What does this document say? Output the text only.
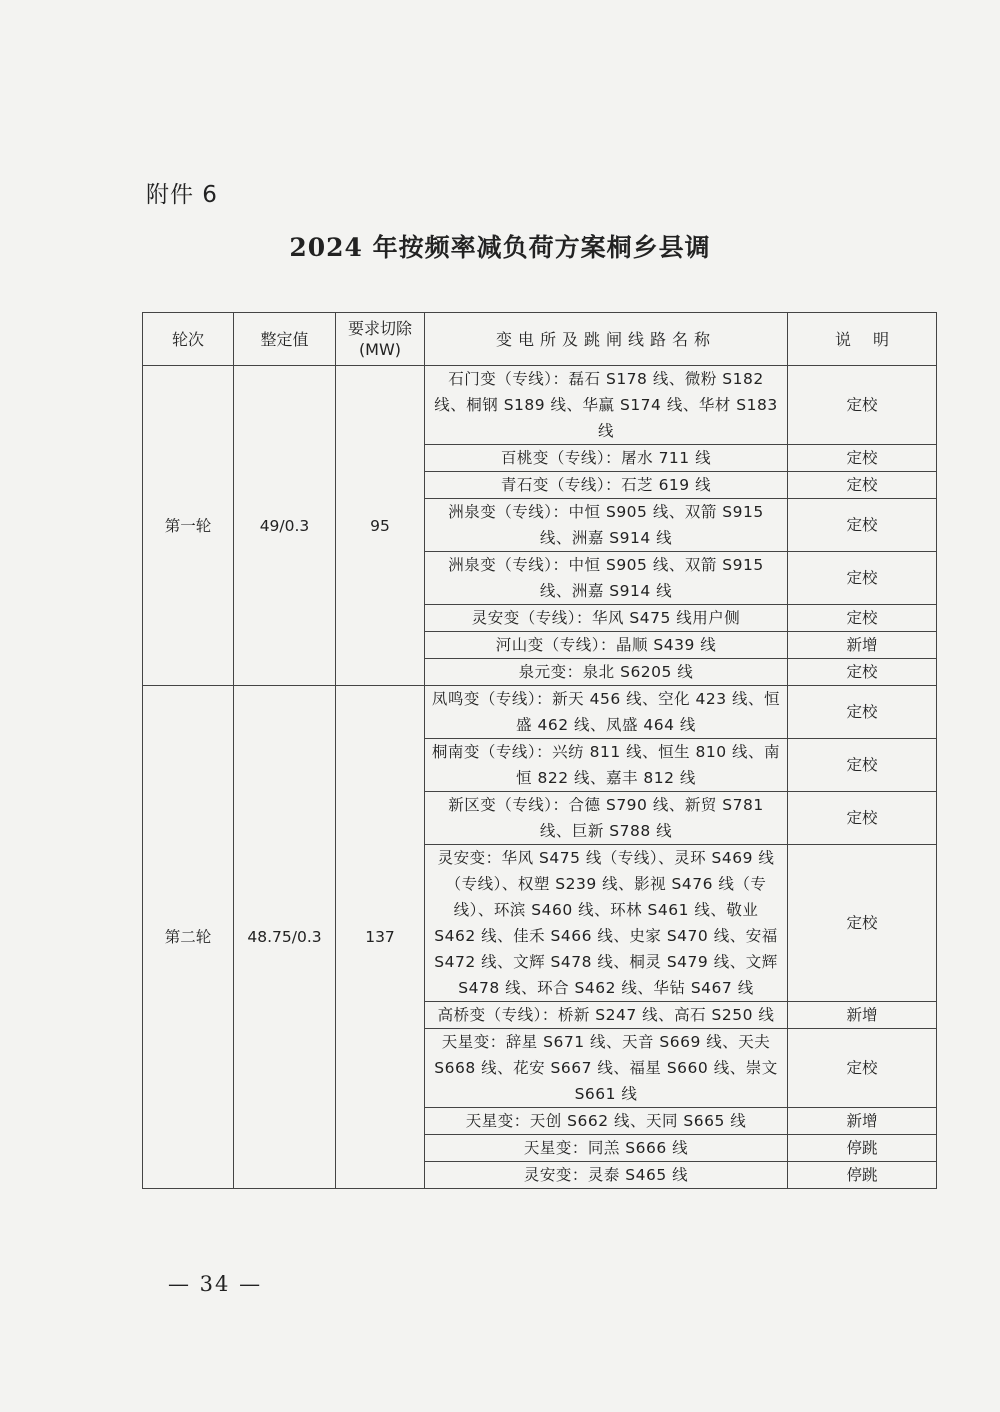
附件 6
2024 年按频率减负荷方案桐乡县调
轮次	整定值	要求切除(MW)	变电所及跳闸线路名称	说明
第一轮	49/0.3	95	石门变（专线）：磊石 S178 线、微粉 S182 线、桐钢 S189 线、华赢 S174 线、华材 S183 线	定校
			百桃变（专线）：屠水 711 线	定校
			青石变（专线）：石芝 619 线	定校
			洲泉变（专线）：中恒 S905 线、双箭 S915 线、洲嘉 S914 线	定校
			洲泉变（专线）：中恒 S905 线、双箭 S915 线、洲嘉 S914 线	定校
			灵安变（专线）：华风 S475 线用户侧	定校
			河山变（专线）：晶顺 S439 线	新增
			泉元变：泉北 S6205 线	定校
第二轮	48.75/0.3	137	凤鸣变（专线）：新天 456 线、空化 423 线、恒盛 462 线、凤盛 464 线	定校
			桐南变（专线）：兴纺 811 线、恒生 810 线、南恒 822 线、嘉丰 812 线	定校
			新区变（专线）：合德 S790 线、新贸 S781 线、巨新 S788 线	定校
			灵安变：华风 S475 线（专线）、灵环 S469 线（专线）、权塑 S239 线、影视 S476 线（专线）、环滨 S460 线、环林 S461 线、敬业 S462 线、佳禾 S466 线、史家 S470 线、安福 S472 线、文辉 S478 线、桐灵 S479 线、文辉 S478 线、环合 S462 线、华钻 S467 线	定校
			高桥变（专线）：桥新 S247 线、高石 S250 线	新增
			天星变：辞星 S671 线、天音 S669 线、天夫 S668 线、花安 S667 线、福星 S660 线、崇文 S661 线	定校
			天星变：天创 S662 线、天同 S665 线	新增
			天星变：同羔 S666 线	停跳
			灵安变：灵泰 S465 线	停跳
— 34 —
